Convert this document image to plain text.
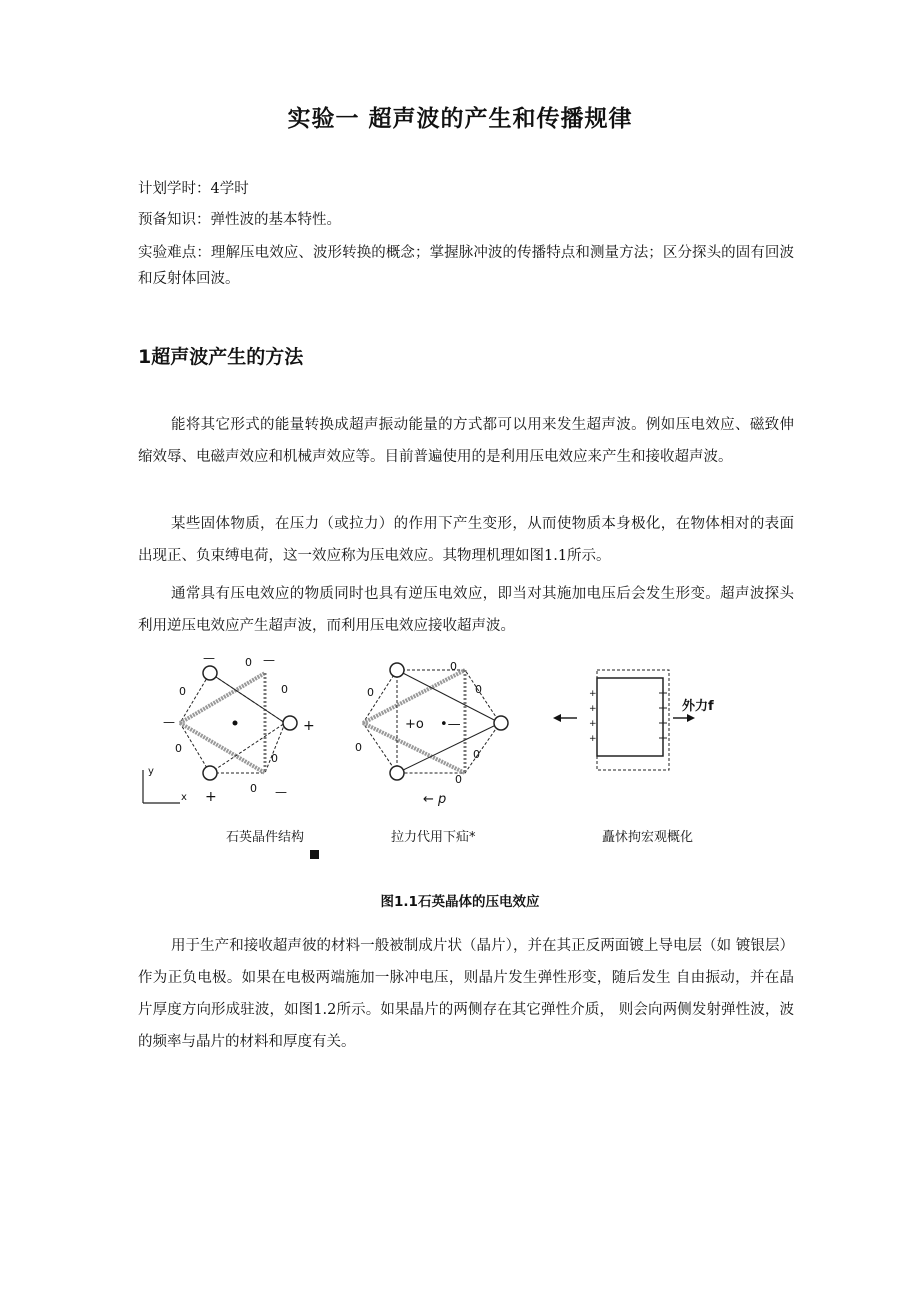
实验一 超声波的产生和传播规律

计划学时：4学时

预备知识：弹性波的基本特性。

实验难点：理解压电效应、波形转换的概念；掌握脉冲波的传播特点和测量方法；区分探头的固有回波和反射体回波。

1超声波产生的方法

能将其它形式的能量转换成超声振动能量的方式都可以用来发生超声波。例如压电效应、磁致伸缩效辱、电磁声效应和机械声效应等。目前普遍使用的是利用压电效应来产生和接收超声波。

某些固体物质，在压力（或拉力）的作用下产生变形，从而使物质本身极化，在物体相对的表面出现正、负束缚电荷，这一效应称为压电效应。其物理机理如图1.1所示。

通常具有压电效应的物质同时也具有逆压电效应，即当对其施加电压后会发生形变。超声波探头利用逆压电效应产生超声波，而利用压电效应接收超声波。

—	0 —
0
—
0
+
0
0
+
0 —
y
x
+o •—
0
0
0
0
0
0
← p
+
+
+
+
外力f
石英晶件结构	拉力代用下疝*	矗怵拘宏观概化
图1.1石英晶体的压电效应

用于生产和接收超声彼的材料一般被制成片状（晶片），并在其正反两面镀上导电层（如 镀银层）作为正负电极。如果在电极两端施加一脉冲电压，则晶片发生弹性形变，随后发生 自由振动，并在晶片厚度方向形成驻波，如图1.2所示。如果晶片的两侧存在其它弹性介质， 则会向两侧发射弹性波，波的频率与晶片的材料和厚度有关。
